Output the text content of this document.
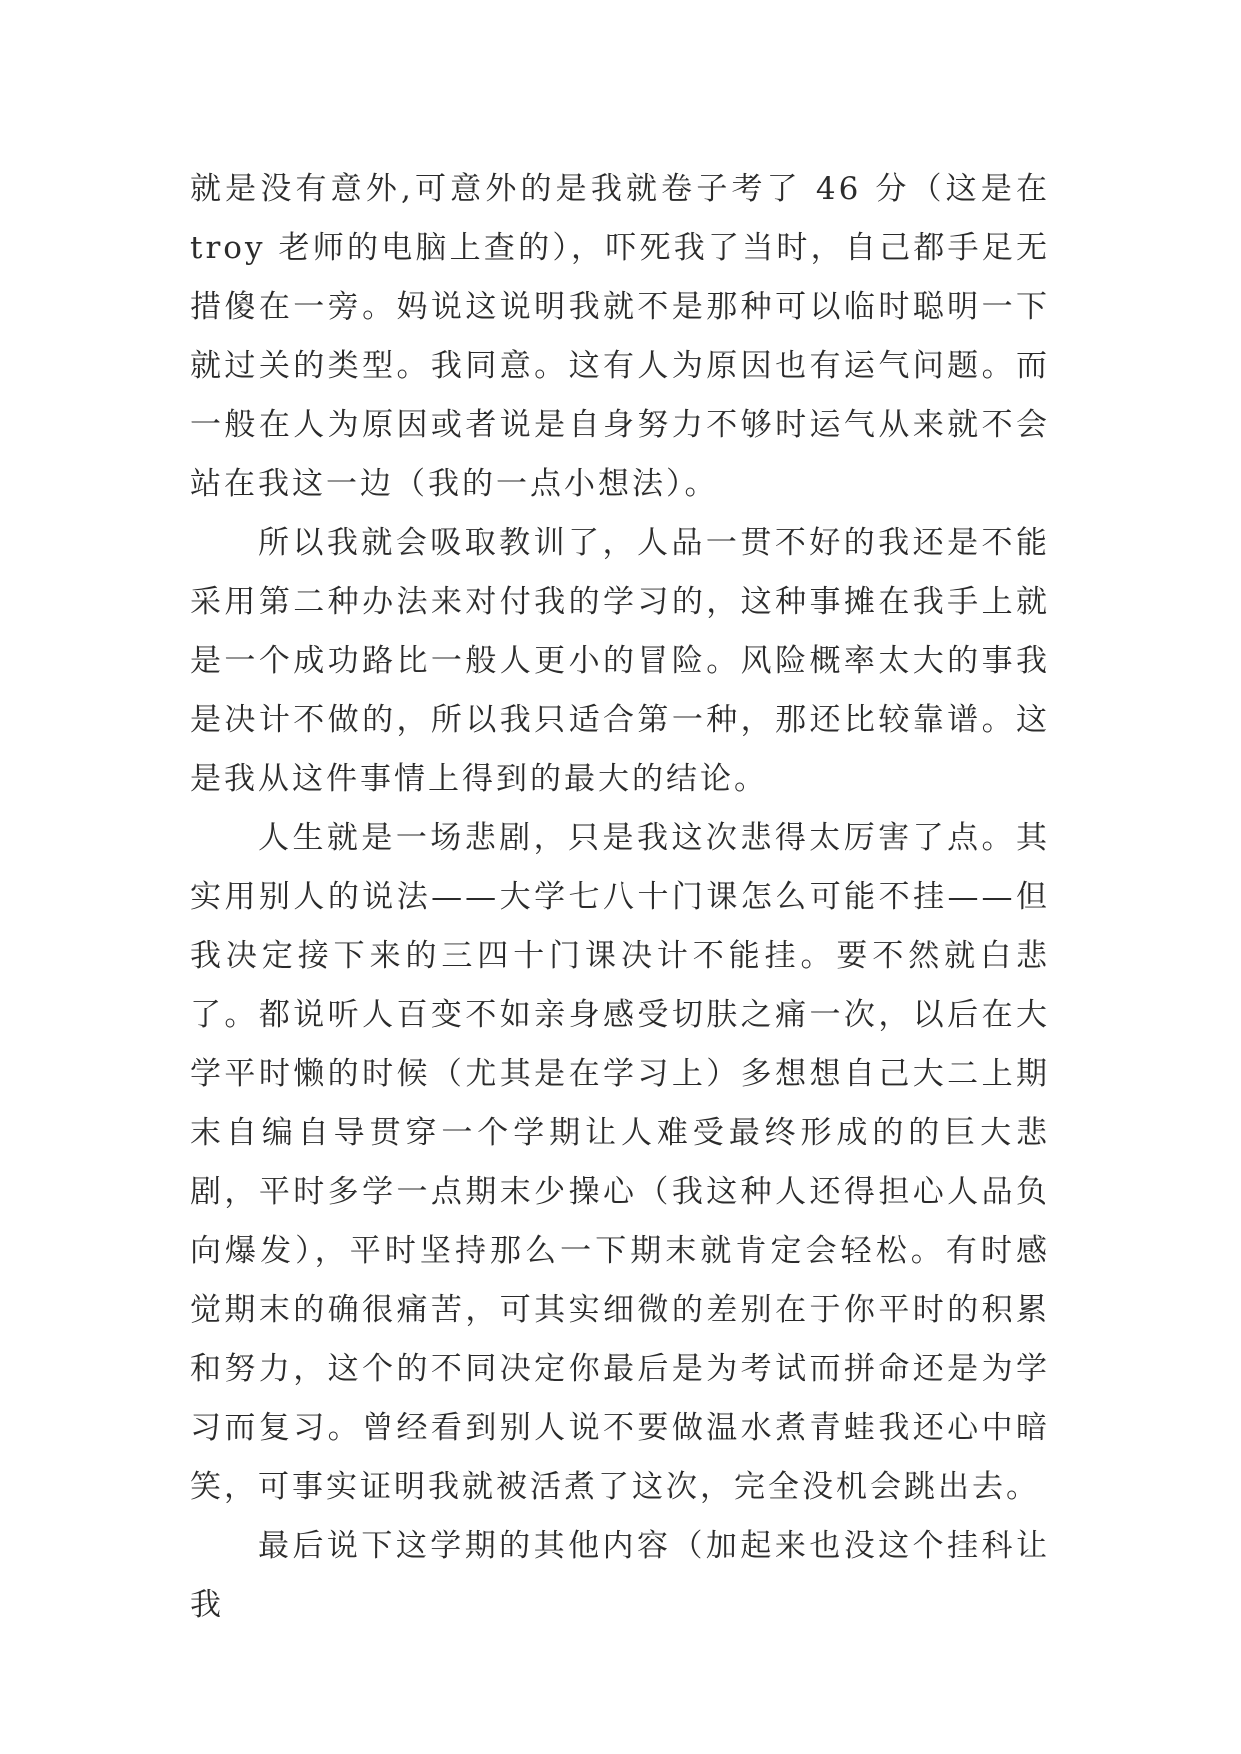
就是没有意外,可意外的是我就卷子考了 46 分（这是在 troy 老师的电脑上查的），吓死我了当时，自己都手足无措傻在一旁。妈说这说明我就不是那种可以临时聪明一下就过关的类型。我同意。这有人为原因也有运气问题。而一般在人为原因或者说是自身努力不够时运气从来就不会站在我这一边（我的一点小想法）。

所以我就会吸取教训了，人品一贯不好的我还是不能采用第二种办法来对付我的学习的，这种事摊在我手上就是一个成功路比一般人更小的冒险。风险概率太大的事我是决计不做的，所以我只适合第一种，那还比较靠谱。这是我从这件事情上得到的最大的结论。

人生就是一场悲剧，只是我这次悲得太厉害了点。其实用别人的说法——大学七八十门课怎么可能不挂——但我决定接下来的三四十门课决计不能挂。要不然就白悲了。都说听人百变不如亲身感受切肤之痛一次，以后在大学平时懒的时候（尤其是在学习上）多想想自己大二上期末自编自导贯穿一个学期让人难受最终形成的的巨大悲剧，平时多学一点期末少操心（我这种人还得担心人品负向爆发），平时坚持那么一下期末就肯定会轻松。有时感觉期末的确很痛苦，可其实细微的差别在于你平时的积累和努力，这个的不同决定你最后是为考试而拼命还是为学习而复习。曾经看到别人说不要做温水煮青蛙我还心中暗笑，可事实证明我就被活煮了这次，完全没机会跳出去。

最后说下这学期的其他内容（加起来也没这个挂科让我
